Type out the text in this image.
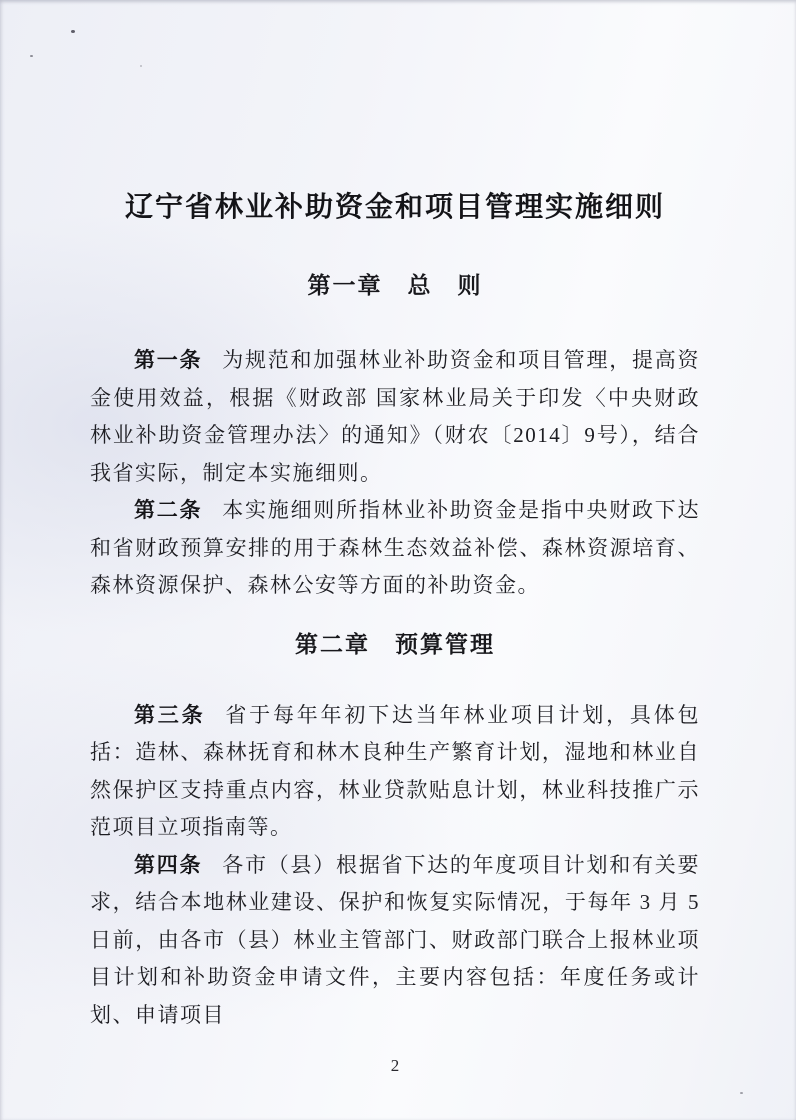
辽宁省林业补助资金和项目管理实施细则
第一章　总　则

第一条 为规范和加强林业补助资金和项目管理，提高资金使用效益，根据《财政部 国家林业局关于印发〈中央财政林业补助资金管理办法〉的通知》（财农〔2014〕9号），结合我省实际，制定本实施细则。

第二条 本实施细则所指林业补助资金是指中央财政下达和省财政预算安排的用于森林生态效益补偿、森林资源培育、森林资源保护、森林公安等方面的补助资金。

第二章　预算管理

第三条 省于每年年初下达当年林业项目计划，具体包括：造林、森林抚育和林木良种生产繁育计划，湿地和林业自然保护区支持重点内容，林业贷款贴息计划，林业科技推广示范项目立项指南等。

第四条 各市（县）根据省下达的年度项目计划和有关要求，结合本地林业建设、保护和恢复实际情况，于每年 3 月 5 日前，由各市（县）林业主管部门、财政部门联合上报林业项目计划和补助资金申请文件，主要内容包括：年度任务或计划、申请项目

2
